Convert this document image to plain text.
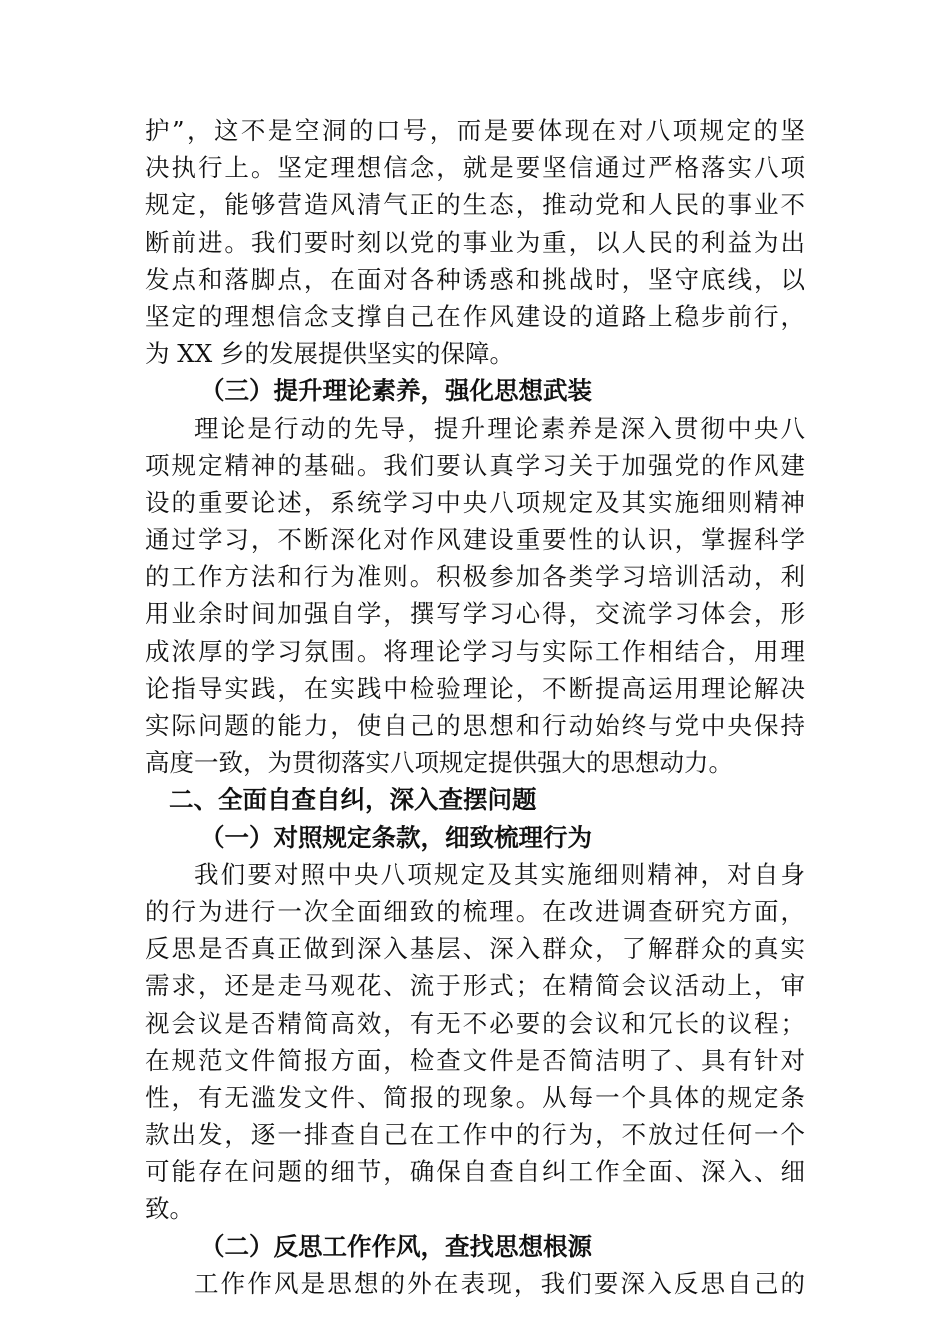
护”，这不是空洞的口号，而是要体现在对八项规定的坚
决执行上。坚定理想信念，就是要坚信通过严格落实八项
规定，能够营造风清气正的生态，推动党和人民的事业不
断前进。我们要时刻以党的事业为重，以人民的利益为出
发点和落脚点，在面对各种诱惑和挑战时，坚守底线，以
坚定的理想信念支撑自己在作风建设的道路上稳步前行，
为 XX 乡的发展提供坚实的保障。
（三）提升理论素养，强化思想武装
理论是行动的先导，提升理论素养是深入贯彻中央八
项规定精神的基础。我们要认真学习关于加强党的作风建
设的重要论述，系统学习中央八项规定及其实施细则精神
通过学习，不断深化对作风建设重要性的认识，掌握科学
的工作方法和行为准则。积极参加各类学习培训活动，利
用业余时间加强自学，撰写学习心得，交流学习体会，形
成浓厚的学习氛围。将理论学习与实际工作相结合，用理
论指导实践，在实践中检验理论，不断提高运用理论解决
实际问题的能力，使自己的思想和行动始终与党中央保持
高度一致，为贯彻落实八项规定提供强大的思想动力。
二、全面自查自纠，深入查摆问题
（一）对照规定条款，细致梳理行为
我们要对照中央八项规定及其实施细则精神，对自身
的行为进行一次全面细致的梳理。在改进调查研究方面，
反思是否真正做到深入基层、深入群众，了解群众的真实
需求，还是走马观花、流于形式；在精简会议活动上，审
视会议是否精简高效，有无不必要的会议和冗长的议程；
在规范文件简报方面，检查文件是否简洁明了、具有针对
性，有无滥发文件、简报的现象。从每一个具体的规定条
款出发，逐一排查自己在工作中的行为，不放过任何一个
可能存在问题的细节，确保自查自纠工作全面、深入、细
致。
（二）反思工作作风，查找思想根源
工作作风是思想的外在表现，我们要深入反思自己的
